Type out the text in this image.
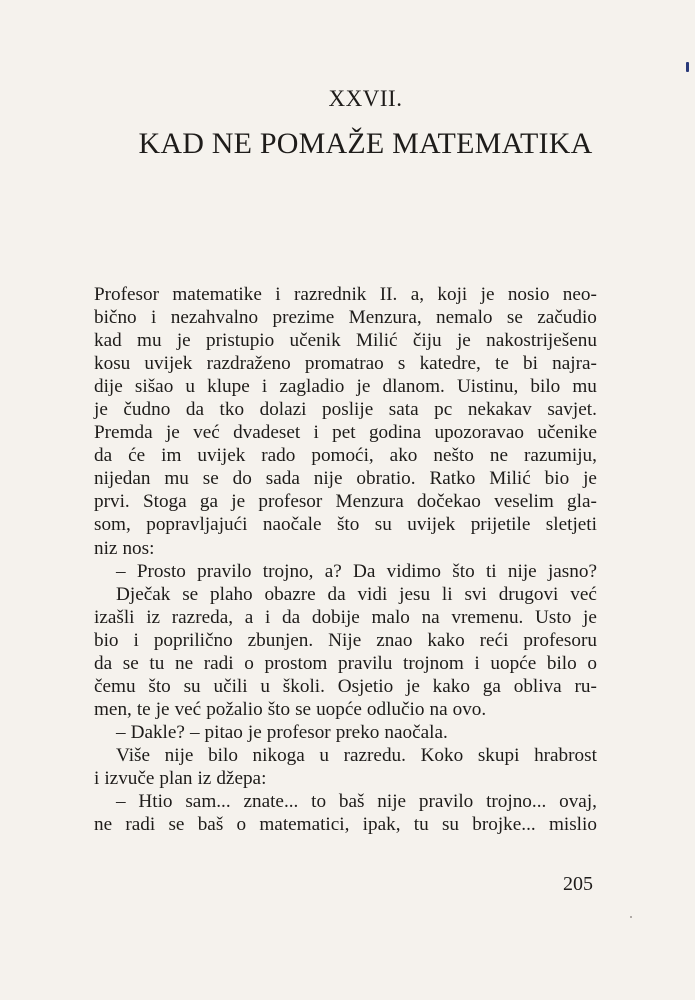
XXVII.
KAD NE POMAŽE MATEMATIKA
Profesor matematike i razrednik II. a, koji je nosio neo-
bično i nezahvalno prezime Menzura, nemalo se začudio
kad mu je pristupio učenik Milić čiju je nakostriješenu
kosu uvijek razdraženo promatrao s katedre, te bi najra-
dije sišao u klupe i zagladio je dlanom. Uistinu, bilo mu
je čudno da tko dolazi poslije sata pc nekakav savjet.
Premda je već dvadeset i pet godina upozoravao učenike
da će im uvijek rado pomoći, ako nešto ne razumiju,
nijedan mu se do sada nije obratio. Ratko Milić bio je
prvi. Stoga ga je profesor Menzura dočekao veselim gla-
som, popravljajući naočale što su uvijek prijetile sletjeti
niz nos:
– Prosto pravilo trojno, a? Da vidimo što ti nije jasno?
Dječak se plaho obazre da vidi jesu li svi drugovi već
izašli iz razreda, a i da dobije malo na vremenu. Usto je
bio i poprilično zbunjen. Nije znao kako reći profesoru
da se tu ne radi o prostom pravilu trojnom i uopće bilo o
čemu što su učili u školi. Osjetio je kako ga obliva ru-
men, te je već požalio što se uopće odlučio na ovo.
– Dakle? – pitao je profesor preko naočala.
Više nije bilo nikoga u razredu. Koko skupi hrabrost
i izvuče plan iz džepa:
– Htio sam... znate... to baš nije pravilo trojno... ovaj,
ne radi se baš o matematici, ipak, tu su brojke... mislio
205
